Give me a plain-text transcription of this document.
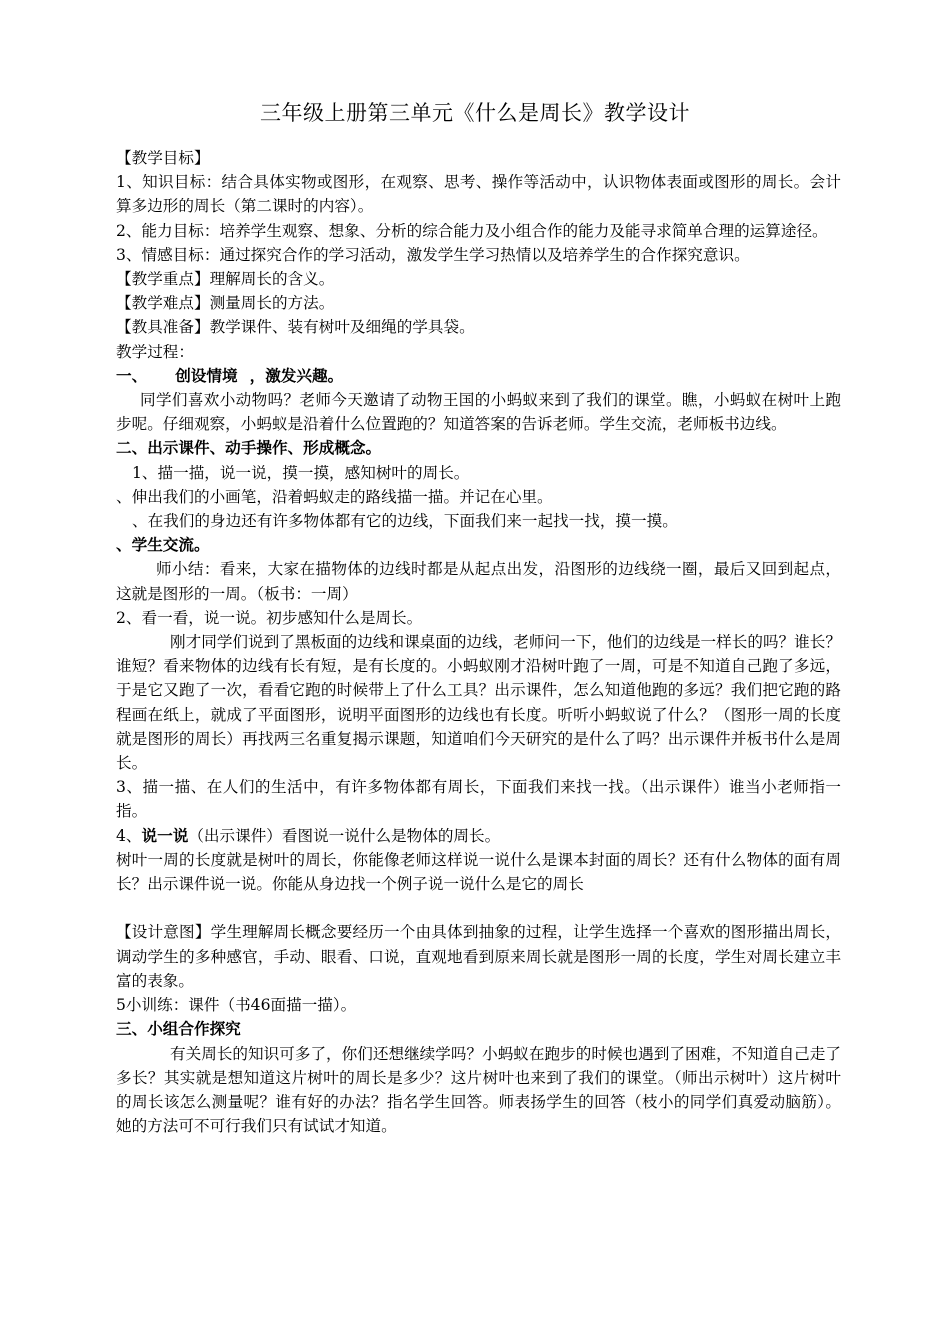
三年级上册第三单元《什么是周长》教学设计

【教学目标】

1、知识目标：结合具体实物或图形，在观察、思考、操作等活动中，认识物体表面或图形的周长。会计算多边形的周长（第二课时的内容）。

2、能力目标：培养学生观察、想象、分析的综合能力及小组合作的能力及能寻求简单合理的运算途径。

3、情感目标：通过探究合作的学习活动，激发学生学习热情以及培养学生的合作探究意识。

【教学重点】理解周长的含义。

【教学难点】测量周长的方法。

【教具准备】教学课件、装有树叶及细绳的学具袋。

教学过程：

一、 创设情境 ，激发兴趣。

同学们喜欢小动物吗？老师今天邀请了动物王国的小蚂蚁来到了我们的课堂。瞧，小蚂蚁在树叶上跑步呢。仔细观察，小蚂蚁是沿着什么位置跑的？知道答案的告诉老师。学生交流，老师板书边线。

二、出示课件、动手操作、形成概念。

1、描一描，说一说，摸一摸，感知树叶的周长。

、伸出我们的小画笔，沿着蚂蚁走的路线描一描。并记在心里。

、在我们的身边还有许多物体都有它的边线，下面我们来一起找一找，摸一摸。

、学生交流。

师小结：看来，大家在描物体的边线时都是从起点出发，沿图形的边线绕一圈，最后又回到起点，这就是图形的一周。（板书：一周）

2、看一看，说一说。初步感知什么是周长。

刚才同学们说到了黑板面的边线和课桌面的边线，老师问一下，他们的边线是一样长的吗？谁长？谁短？看来物体的边线有长有短，是有长度的。小蚂蚁刚才沿树叶跑了一周，可是不知道自己跑了多远，于是它又跑了一次，看看它跑的时候带上了什么工具？出示课件，怎么知道他跑的多远？我们把它跑的路程画在纸上，就成了平面图形，说明平面图形的边线也有长度。听听小蚂蚁说了什么？（图形一周的长度就是图形的周长）再找两三名重复揭示课题，知道咱们今天研究的是什么了吗？出示课件并板书什么是周长。

3、描一描、在人们的生活中，有许多物体都有周长，下面我们来找一找。（出示课件）谁当小老师指一指。

4、说一说（出示课件）看图说一说什么是物体的周长。

树叶一周的长度就是树叶的周长，你能像老师这样说一说什么是课本封面的周长？还有什么物体的面有周长？出示课件说一说。你能从身边找一个例子说一说什么是它的周长

【设计意图】学生理解周长概念要经历一个由具体到抽象的过程，让学生选择一个喜欢的图形描出周长，调动学生的多种感官，手动、眼看、口说，直观地看到原来周长就是图形一周的长度，学生对周长建立丰富的表象。

5小训练：课件（书46面描一描）。

三、小组合作探究

有关周长的知识可多了，你们还想继续学吗？小蚂蚁在跑步的时候也遇到了困难，不知道自己走了多长？其实就是想知道这片树叶的周长是多少？这片树叶也来到了我们的课堂。（师出示树叶）这片树叶的周长该怎么测量呢？谁有好的办法？指名学生回答。师表扬学生的回答（枝小的同学们真爱动脑筋）。她的方法可不可行我们只有试试才知道。
